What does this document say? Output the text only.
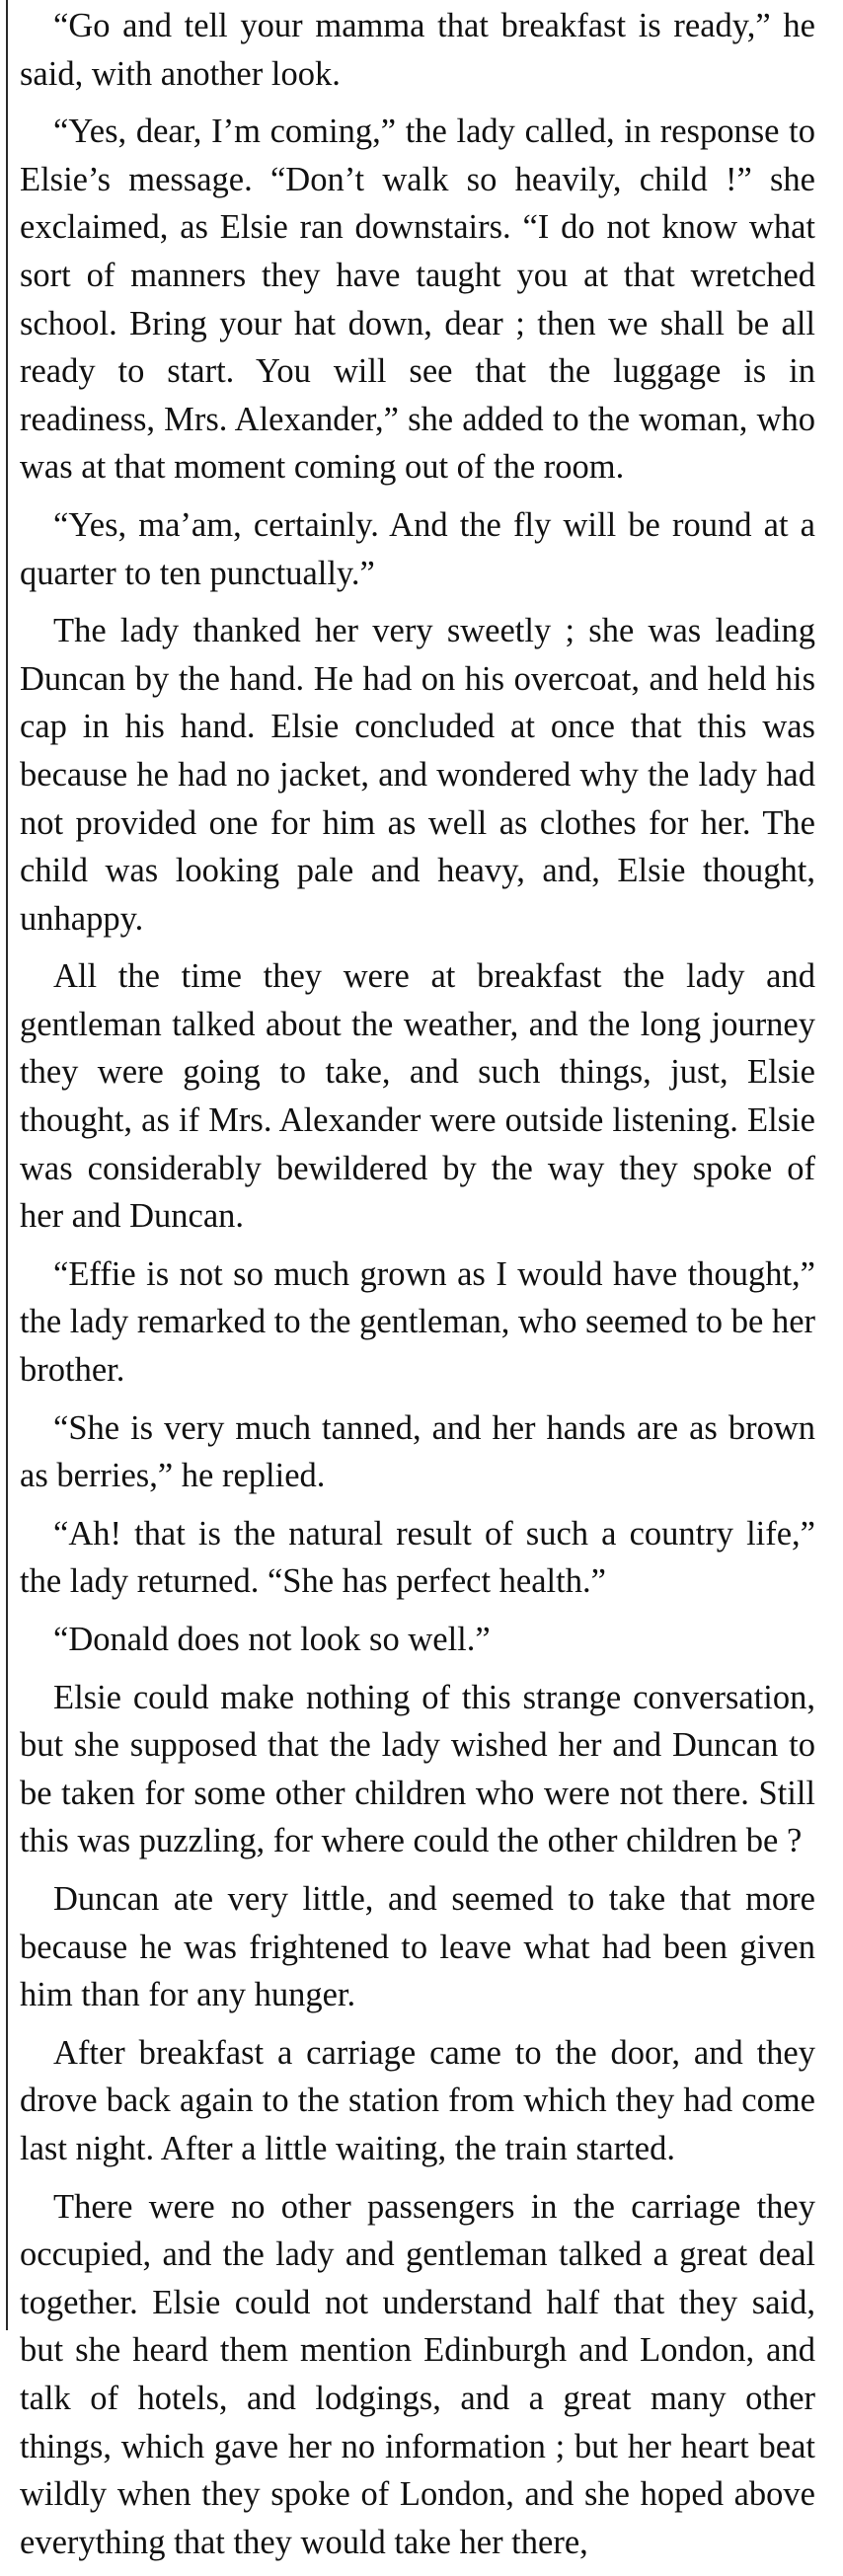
“Go and tell your mamma that breakfast is ready,” he said, with another look.

“Yes, dear, I’m coming,” the lady called, in response to Elsie’s message. “Don’t walk so heavily, child !” she exclaimed, as Elsie ran downstairs. “I do not know what sort of manners they have taught you at that wretched school. Bring your hat down, dear ; then we shall be all ready to start. You will see that the luggage is in readiness, Mrs. Alexander,” she added to the woman, who was at that moment coming out of the room.

“Yes, ma’am, certainly. And the fly will be round at a quarter to ten punctually.”

The lady thanked her very sweetly ; she was leading Duncan by the hand. He had on his overcoat, and held his cap in his hand. Elsie concluded at once that this was because he had no jacket, and wondered why the lady had not provided one for him as well as clothes for her. The child was looking pale and heavy, and, Elsie thought, unhappy.

All the time they were at breakfast the lady and gentleman talked about the weather, and the long journey they were going to take, and such things, just, Elsie thought, as if Mrs. Alexander were outside listening. Elsie was considerably bewildered by the way they spoke of her and Duncan.

“Effie is not so much grown as I would have thought,” the lady remarked to the gentleman, who seemed to be her brother.

“She is very much tanned, and her hands are as brown as berries,” he replied.

“Ah! that is the natural result of such a country life,” the lady returned. “She has perfect health.”

“Donald does not look so well.”

Elsie could make nothing of this strange conversation, but she supposed that the lady wished her and Duncan to be taken for some other children who were not there. Still this was puzzling, for where could the other children be ?

Duncan ate very little, and seemed to take that more because he was frightened to leave what had been given him than for any hunger.

After breakfast a carriage came to the door, and they drove back again to the station from which they had come last night. After a little waiting, the train started.

There were no other passengers in the carriage they occupied, and the lady and gentleman talked a great deal together. Elsie could not understand half that they said, but she heard them mention Edinburgh and London, and talk of hotels, and lodgings, and a great many other things, which gave her no information ; but her heart beat wildly when they spoke of London, and she hoped above everything that they would take her there,
